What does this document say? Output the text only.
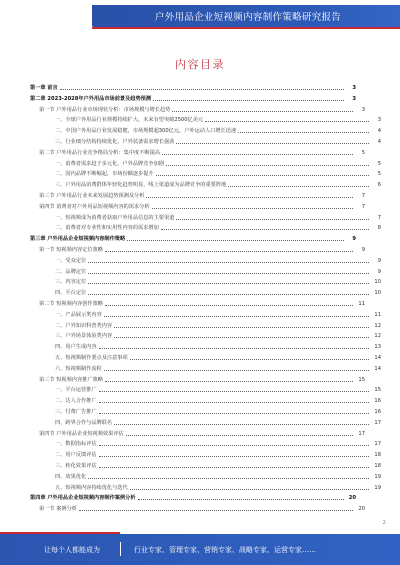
户外用品企业短视频内容制作策略研究报告
内容目录
第一章 前言	3
第二章 2023-2028年户外用品市场前景及趋势预测	3
第一节 户外用品行业市场现状分析：市场规模与增长趋势	3
一、全球户外用品行业规模持续扩大，未来有望突破2500亿美元	3
二、中国户外用品行业发展稳健，市场规模超300亿元，户外运动人口增长迅速	4
三、行业细分结构持续优化，户外装备需求增长强劲	4
第二节 户外用品行业竞争格局分析：集中度不断提高	5
一、消费者需求趋于多元化，户外品牌竞争加剧	5
二、国内品牌不断崛起，市场份额逐步提升	5
三、户外用品消费群体年轻化趋势明显，线上渠道成为品牌竞争的重要阵地	6
第三节 户外用品行业未来发展趋势预测及分析	7
第四节 消费者对户外用品短视频内容的需求分析	7
一、短视频成为消费者获取户外用品信息的主要渠道	7
二、消费者对专业性和实用性内容的需求增加	8
第三章 户外用品企业短视频内容制作策略	9
第一节 短视频内容定位策略	9
一、受众定位	9
二、品牌定位	9
三、内容定位	10
四、平台定位	10
第二节 短视频内容创作策略	11
一、产品展示类内容	11
二、户外知识科普类内容	12
三、户外场景体验类内容	12
四、用户生成内容	13
五、短视频制作要点及注意事项	14
六、短视频制作流程	14
第三节 短视频内容推广策略	15
一、平台运营推广	15
二、达人合作推广	16
三、付费广告推广	16
四、跨界合作与品牌联名	17
第四节 户外用品企业短视频效果评估	17
一、数据指标评估	17
二、用户反馈评估	18
三、转化效果评估	18
四、效果优化	19
五、短视频内容持续优化与迭代	19
第四章 户外用品企业短视频内容制作案例分析	20
第一节 案例分析	20
2
让每个人都能成为	行业专家、管理专家、营销专家、战略专家、运营专家……
